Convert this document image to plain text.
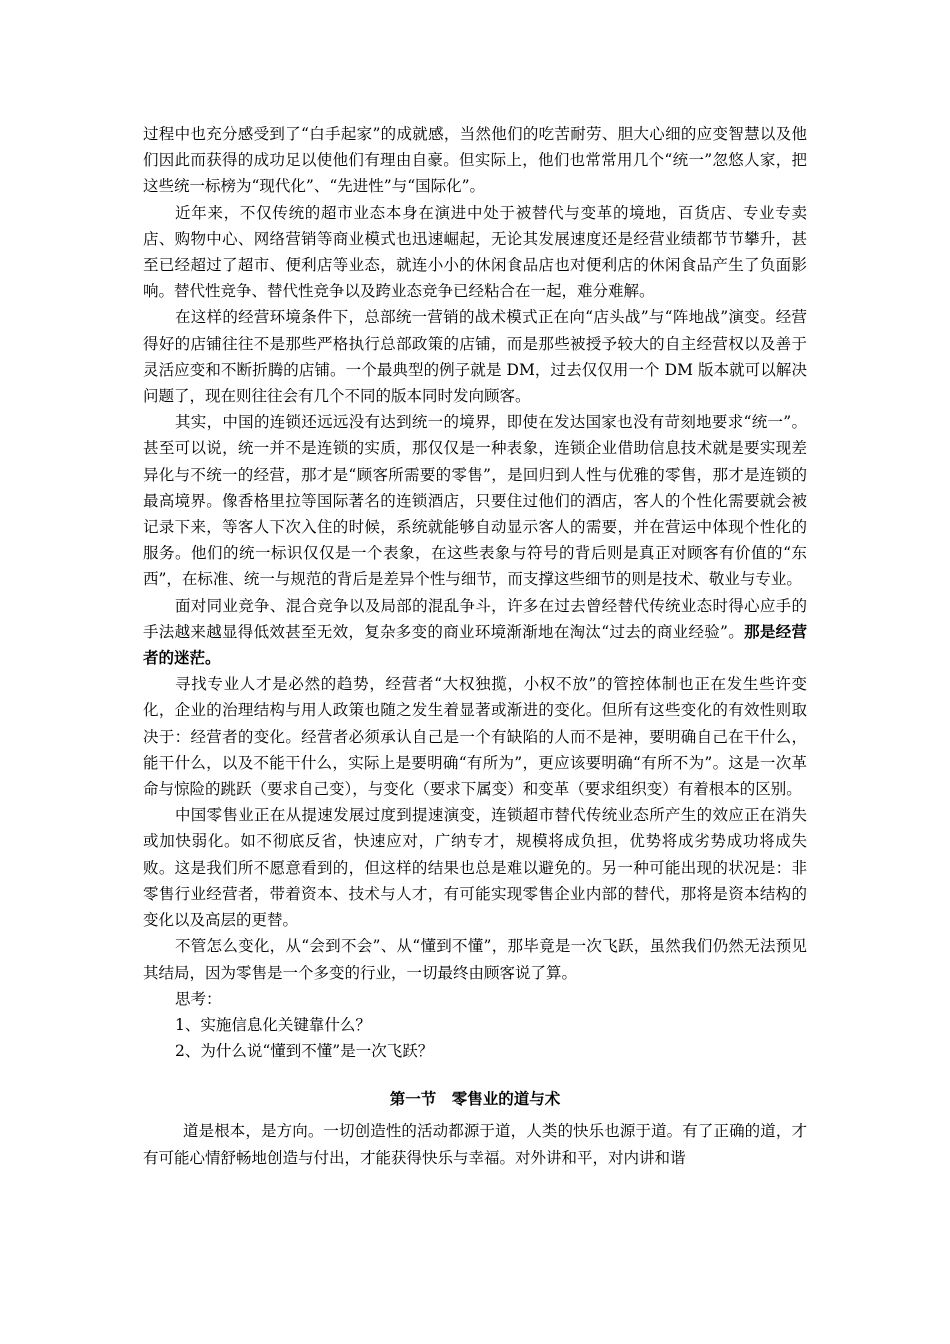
过程中也充分感受到了“白手起家”的成就感，当然他们的吃苦耐劳、胆大心细的应变智慧以及他们因此而获得的成功足以使他们有理由自豪。但实际上，他们也常常用几个“统一”忽悠人家，把这些统一标榜为“现代化”、“先进性”与“国际化”。

近年来，不仅传统的超市业态本身在演进中处于被替代与变革的境地，百货店、专业专卖店、购物中心、网络营销等商业模式也迅速崛起，无论其发展速度还是经营业绩都节节攀升，甚至已经超过了超市、便利店等业态，就连小小的休闲食品店也对便利店的休闲食品产生了负面影响。替代性竞争、替代性竞争以及跨业态竞争已经粘合在一起，难分难解。

在这样的经营环境条件下，总部统一营销的战术模式正在向“店头战”与“阵地战”演变。经营得好的店铺往往不是那些严格执行总部政策的店铺，而是那些被授予较大的自主经营权以及善于灵活应变和不断折腾的店铺。一个最典型的例子就是 DM，过去仅仅用一个 DM 版本就可以解决问题了，现在则往往会有几个不同的版本同时发向顾客。

其实，中国的连锁还远远没有达到统一的境界，即使在发达国家也没有苛刻地要求“统一”。甚至可以说，统一并不是连锁的实质，那仅仅是一种表象，连锁企业借助信息技术就是要实现差异化与不统一的经营，那才是“顾客所需要的零售”，是回归到人性与优雅的零售，那才是连锁的最高境界。像香格里拉等国际著名的连锁酒店，只要住过他们的酒店，客人的个性化需要就会被记录下来，等客人下次入住的时候，系统就能够自动显示客人的需要，并在营运中体现个性化的服务。他们的统一标识仅仅是一个表象，在这些表象与符号的背后则是真正对顾客有价值的“东西”，在标准、统一与规范的背后是差异个性与细节，而支撑这些细节的则是技术、敬业与专业。

面对同业竞争、混合竞争以及局部的混乱争斗，许多在过去曾经替代传统业态时得心应手的手法越来越显得低效甚至无效，复杂多变的商业环境渐渐地在淘汰“过去的商业经验”。那是经营者的迷茫。

寻找专业人才是必然的趋势，经营者“大权独揽，小权不放”的管控体制也正在发生些许变化，企业的治理结构与用人政策也随之发生着显著或渐进的变化。但所有这些变化的有效性则取决于：经营者的变化。经营者必须承认自己是一个有缺陷的人而不是神，要明确自己在干什么，能干什么，以及不能干什么，实际上是要明确“有所为”，更应该要明确“有所不为”。这是一次革命与惊险的跳跃（要求自己变），与变化（要求下属变）和变革（要求组织变）有着根本的区别。

中国零售业正在从提速发展过度到提速演变，连锁超市替代传统业态所产生的效应正在消失或加快弱化。如不彻底反省，快速应对，广纳专才，规模将成负担，优势将成劣势成功将成失败。这是我们所不愿意看到的，但这样的结果也总是难以避免的。另一种可能出现的状况是：非零售行业经营者，带着资本、技术与人才，有可能实现零售企业内部的替代，那将是资本结构的变化以及高层的更替。

不管怎么变化，从“会到不会”、从“懂到不懂”，那毕竟是一次飞跃，虽然我们仍然无法预见其结局，因为零售是一个多变的行业，一切最终由顾客说了算。

思考：

1、实施信息化关键靠什么？

2、为什么说“懂到不懂”是一次飞跃？

第一节　零售业的道与术

道是根本，是方向。一切创造性的活动都源于道，人类的快乐也源于道。有了正确的道，才有可能心情舒畅地创造与付出，才能获得快乐与幸福。对外讲和平，对内讲和谐
